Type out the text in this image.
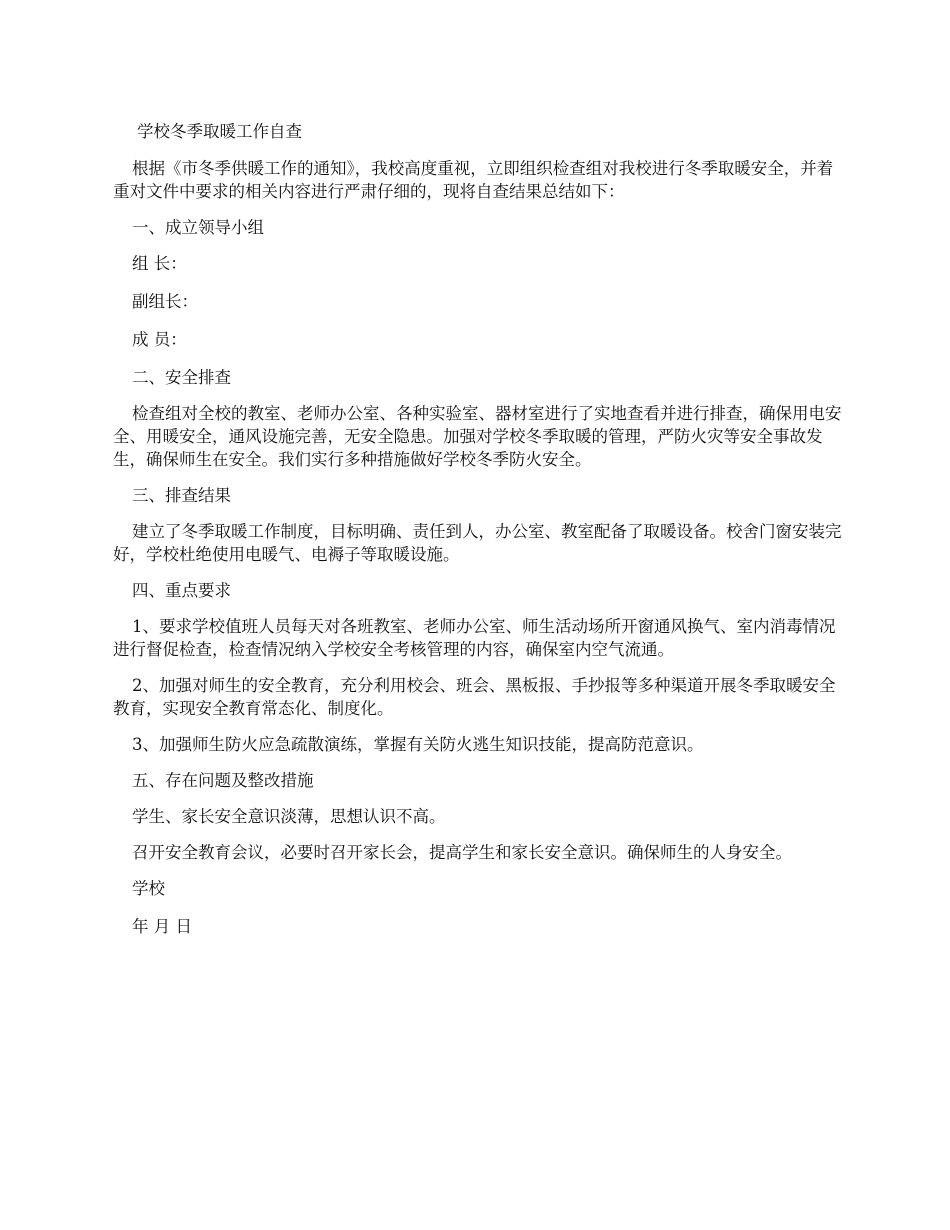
学校冬季取暖工作自查

根据《市冬季供暖工作的通知》，我校高度重视，立即组织检查组对我校进行冬季取暖安全，并着重对文件中要求的相关内容进行严肃仔细的，现将自查结果总结如下：

一、成立领导小组

组 长：

副组长：

成 员：

二、安全排查

检查组对全校的教室、老师办公室、各种实验室、器材室进行了实地查看并进行排查，确保用电安全、用暖安全，通风设施完善，无安全隐患。加强对学校冬季取暖的管理，严防火灾等安全事故发生，确保师生在安全。我们实行多种措施做好学校冬季防火安全。

三、排查结果

建立了冬季取暖工作制度，目标明确、责任到人，办公室、教室配备了取暖设备。校舍门窗安装完好，学校杜绝使用电暖气、电褥子等取暖设施。

四、重点要求

1、要求学校值班人员每天对各班教室、老师办公室、师生活动场所开窗通风换气、室内消毒情况进行督促检查，检查情况纳入学校安全考核管理的内容，确保室内空气流通。

2、加强对师生的安全教育，充分利用校会、班会、黑板报、手抄报等多种渠道开展冬季取暖安全教育，实现安全教育常态化、制度化。

3、加强师生防火应急疏散演练，掌握有关防火逃生知识技能，提高防范意识。

五、存在问题及整改措施

学生、家长安全意识淡薄，思想认识不高。

召开安全教育会议，必要时召开家长会，提高学生和家长安全意识。确保师生的人身安全。

学校

年 月 日
